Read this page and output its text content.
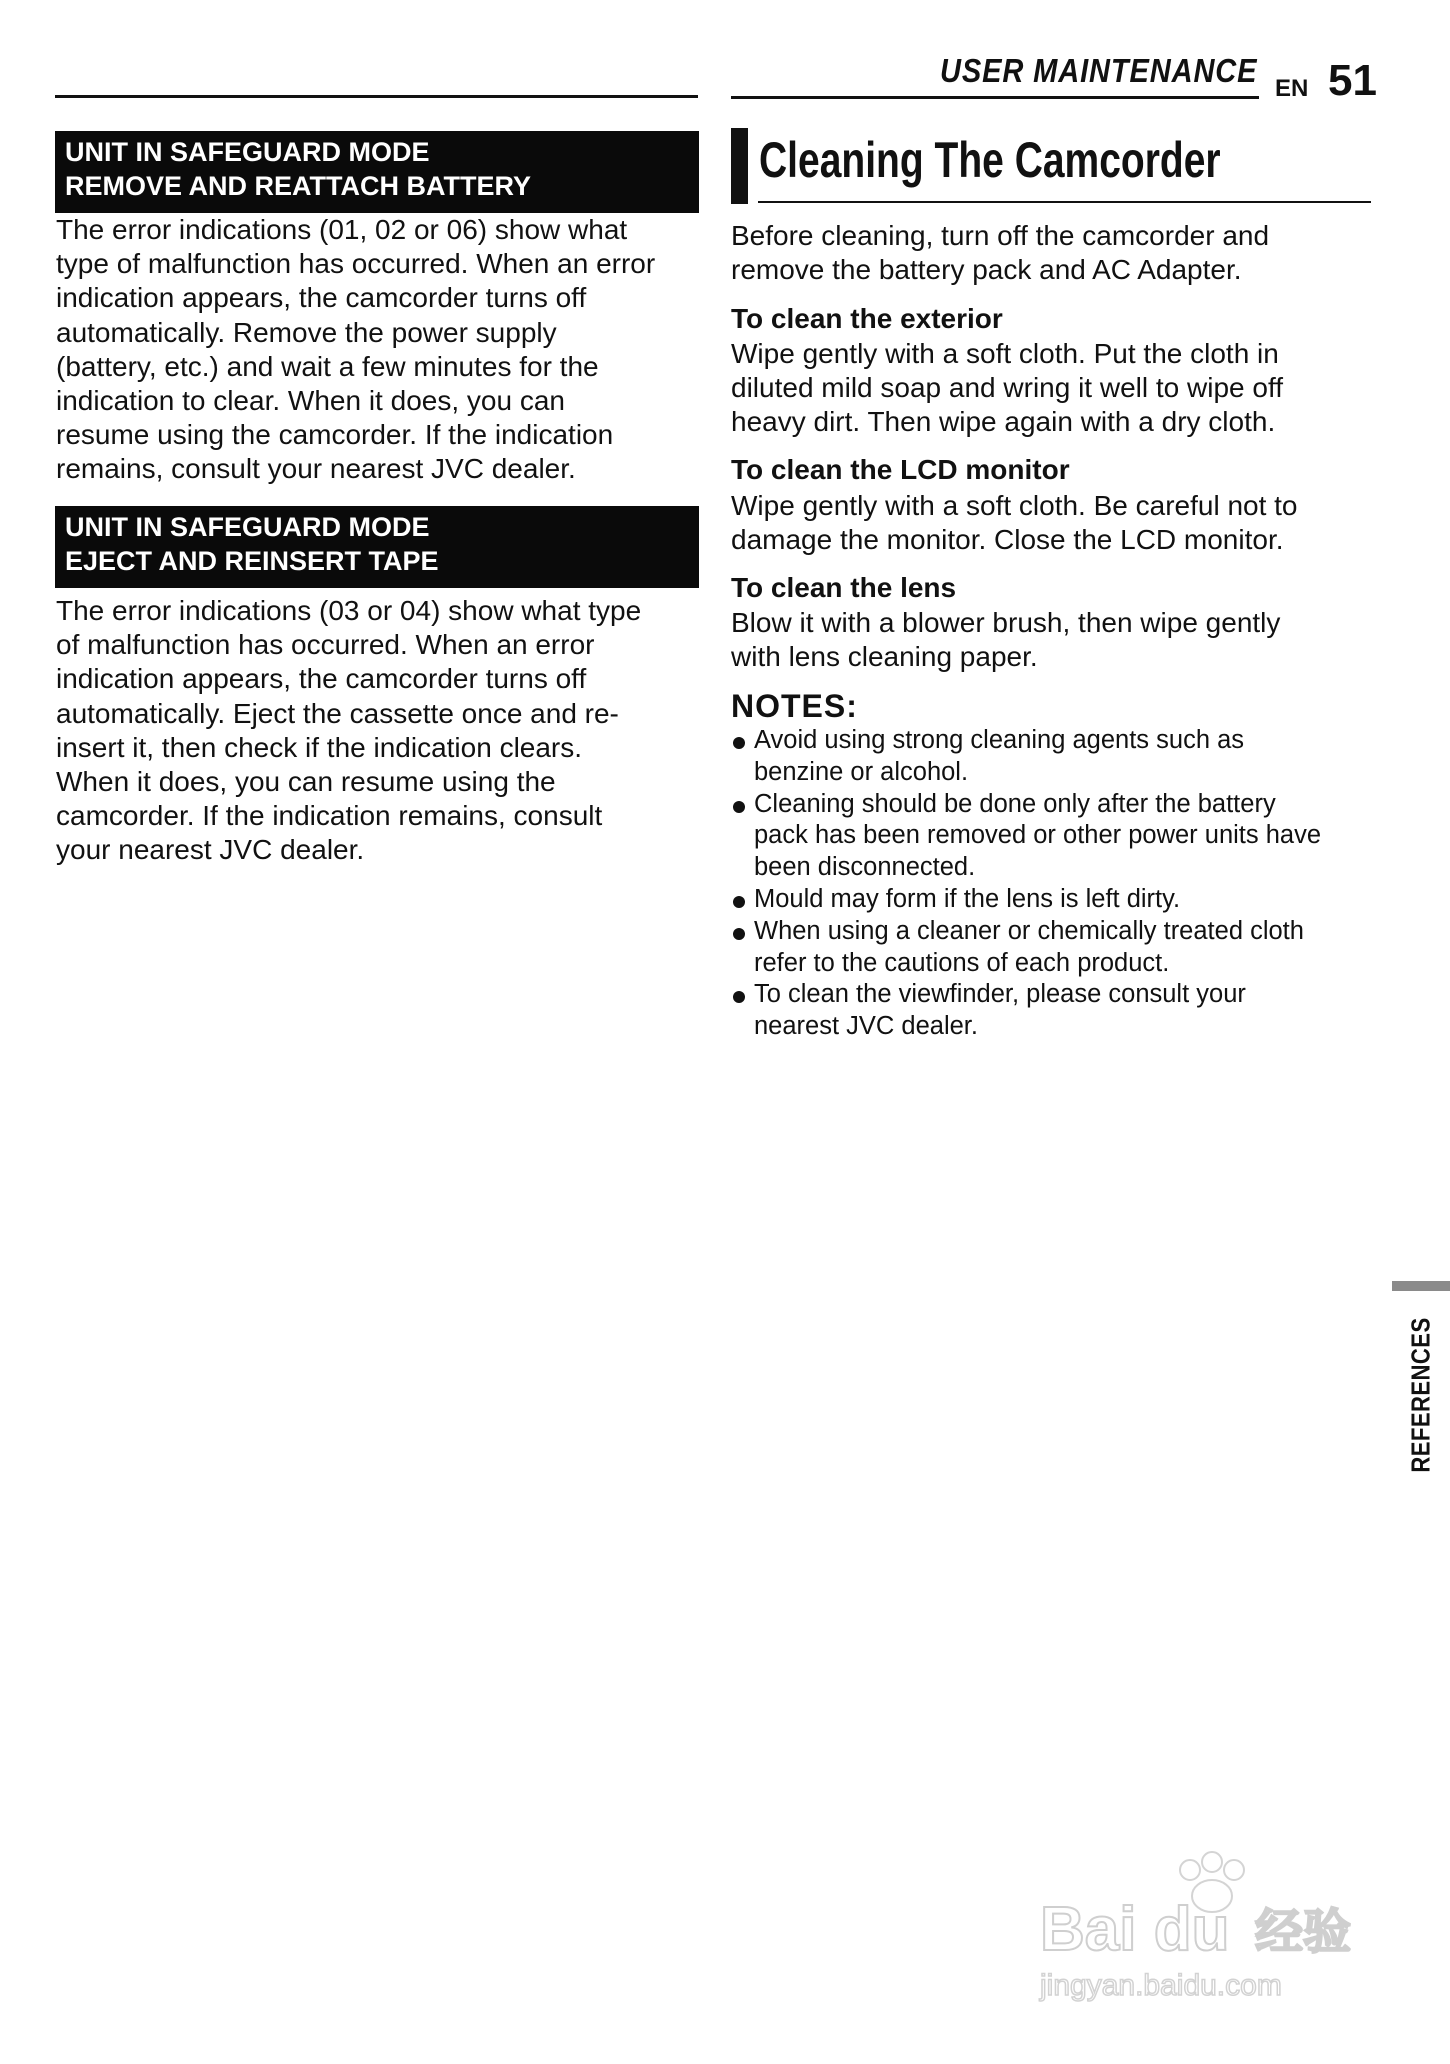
USER MAINTENANCE EN 51
UNIT IN SAFEGUARD MODE
REMOVE AND REATTACH BATTERY
The error indications (01, 02 or 06) show what
type of malfunction has occurred. When an error
indication appears, the camcorder turns off
automatically. Remove the power supply
(battery, etc.) and wait a few minutes for the
indication to clear. When it does, you can
resume using the camcorder. If the indication
remains, consult your nearest JVC dealer.
UNIT IN SAFEGUARD MODE
EJECT AND REINSERT TAPE
The error indications (03 or 04) show what type
of malfunction has occurred. When an error
indication appears, the camcorder turns off
automatically. Eject the cassette once and re-
insert it, then check if the indication clears.
When it does, you can resume using the
camcorder. If the indication remains, consult
your nearest JVC dealer.
Cleaning The Camcorder
Before cleaning, turn off the camcorder and
remove the battery pack and AC Adapter.
To clean the exterior
Wipe gently with a soft cloth. Put the cloth in
diluted mild soap and wring it well to wipe off
heavy dirt. Then wipe again with a dry cloth.
To clean the LCD monitor
Wipe gently with a soft cloth. Be careful not to
damage the monitor. Close the LCD monitor.
To clean the lens
Blow it with a blower brush, then wipe gently
with lens cleaning paper.
NOTES:
Avoid using strong cleaning agents such as
benzine or alcohol.
Cleaning should be done only after the battery
pack has been removed or other power units have
been disconnected.
Mould may form if the lens is left dirty.
When using a cleaner or chemically treated cloth
refer to the cautions of each product.
To clean the viewfinder, please consult your
nearest JVC dealer.
REFERENCES
Bai du 经验
jingyan.baidu.com
